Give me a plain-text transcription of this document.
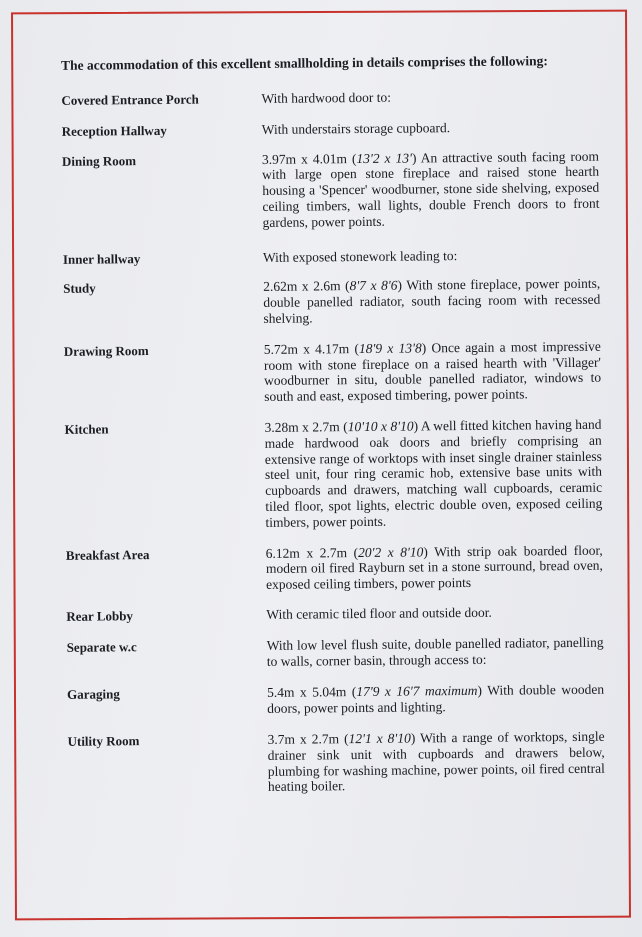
The accommodation of this excellent smallholding in details comprises the following:

Covered Entrance Porch	With hardwood door to:
Reception Hallway	With understairs storage cupboard.
Dining Room	3.97m x 4.01m (13'2 x 13') An attractive south facing room with large open stone fireplace and raised stone hearth housing a 'Spencer' woodburner, stone side shelving, exposed ceiling timbers, wall lights, double French doors to front gardens, power points.
Inner hallway	With exposed stonework leading to:
Study	2.62m x 2.6m (8'7 x 8'6) With stone fireplace, power points, double panelled radiator, south facing room with recessed shelving.
Drawing Room	5.72m x 4.17m (18'9 x 13'8) Once again a most impressive room with stone fireplace on a raised hearth with 'Villager' woodburner in situ, double panelled radiator, windows to south and east, exposed timbering, power points.
Kitchen	3.28m x 2.7m (10'10 x 8'10) A well fitted kitchen having hand made hardwood oak doors and briefly comprising an extensive range of worktops with inset single drainer stainless steel unit, four ring ceramic hob, extensive base units with cupboards and drawers, matching wall cupboards, ceramic tiled floor, spot lights, electric double oven, exposed ceiling timbers, power points.
Breakfast Area	6.12m x 2.7m (20'2 x 8'10) With strip oak boarded floor, modern oil fired Rayburn set in a stone surround, bread oven, exposed ceiling timbers, power points
Rear Lobby	With ceramic tiled floor and outside door.
Separate w.c	With low level flush suite, double panelled radiator, panelling to walls, corner basin, through access to:
Garaging	5.4m x 5.04m (17'9 x 16'7 maximum) With double wooden doors, power points and lighting.
Utility Room	3.7m x 2.7m (12'1 x 8'10) With a range of worktops, single drainer sink unit with cupboards and drawers below, plumbing for washing machine, power points, oil fired central heating boiler.
